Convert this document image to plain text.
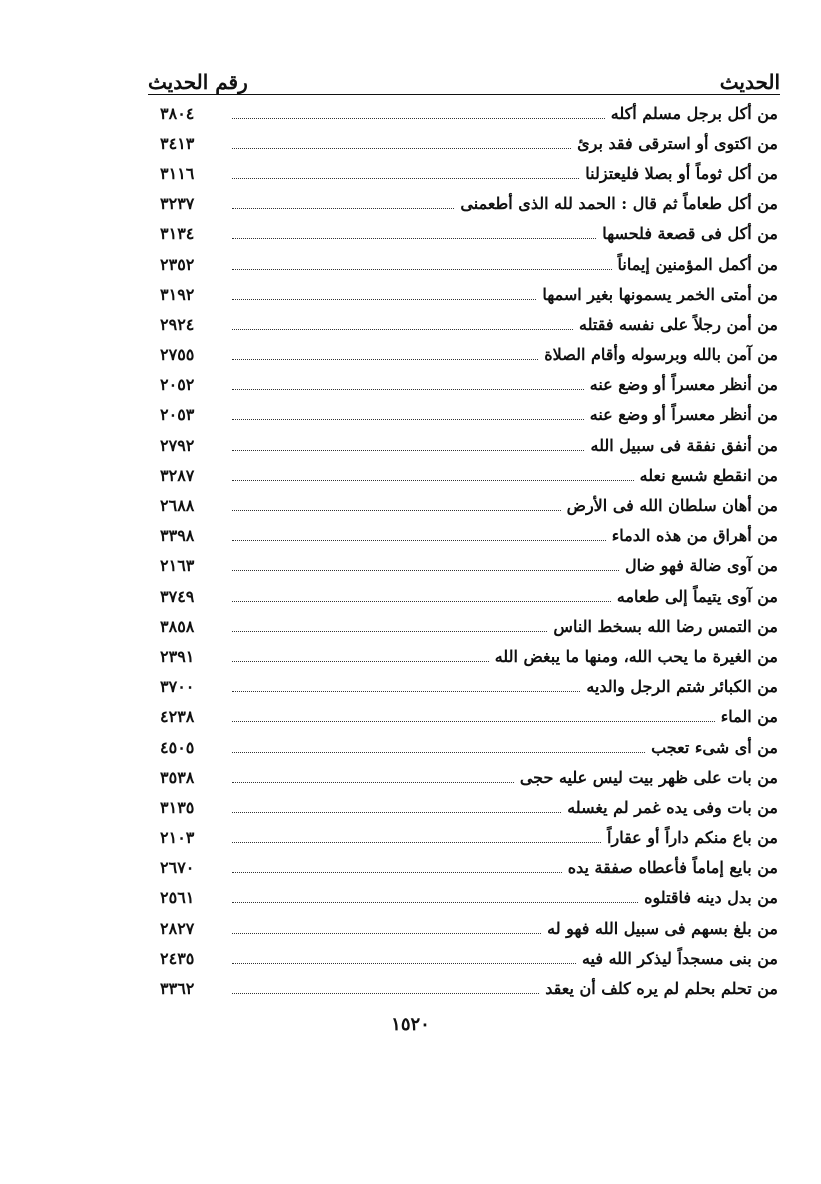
الحديث
رقم الحديث
من أكل برجل مسلم أكله
٣٨٠٤
من اكتوى أو استرقى فقد برئ
٣٤١٣
من أكل ثوماً أو بصلا فليعتزلنا
٣١١٦
من أكل طعاماً ثم قال : الحمد لله الذى أطعمنى
٣٢٣٧
من أكل فى قصعة فلحسها
٣١٣٤
من أكمل المؤمنين إيماناً
٢٣٥٢
من أمتى الخمر يسمونها بغير اسمها
٣١٩٢
من أمن رجلاً على نفسه فقتله
٢٩٢٤
من آمن بالله وبرسوله وأقام الصلاة
٢٧٥٥
من أنظر معسراً أو وضع عنه
٢٠٥٢
من أنظر معسراً أو وضع عنه
٢٠٥٣
من أنفق نفقة فى سبيل الله
٢٧٩٢
من انقطع شسع نعله
٣٢٨٧
من أهان سلطان الله فى الأرض
٢٦٨٨
من أهراق من هذه الدماء
٣٣٩٨
من آوى ضالة فهو ضال
٢١٦٣
من آوى يتيماً إلى طعامه
٣٧٤٩
من التمس رضا الله بسخط الناس
٣٨٥٨
من الغيرة ما يحب الله، ومنها ما يبغض الله
٢٣٩١
من الكبائر شتم الرجل والديه
٣٧٠٠
من الماء
٤٢٣٨
من أى شىء تعجب
٤٥٠٥
من بات على ظهر بيت ليس عليه حجى
٣٥٣٨
من بات وفى يده غمر لم يغسله
٣١٣٥
من باع منكم داراً أو عقاراً
٢١٠٣
من بايع إماماً فأعطاه صفقة يده
٢٦٧٠
من بدل دينه فاقتلوه
٢٥٦١
من بلغ بسهم فى سبيل الله فهو له
٢٨٢٧
من بنى مسجداً ليذكر الله فيه
٢٤٣٥
من تحلم بحلم لم يره كلف أن يعقد
٣٣٦٢
١٥٢٠
